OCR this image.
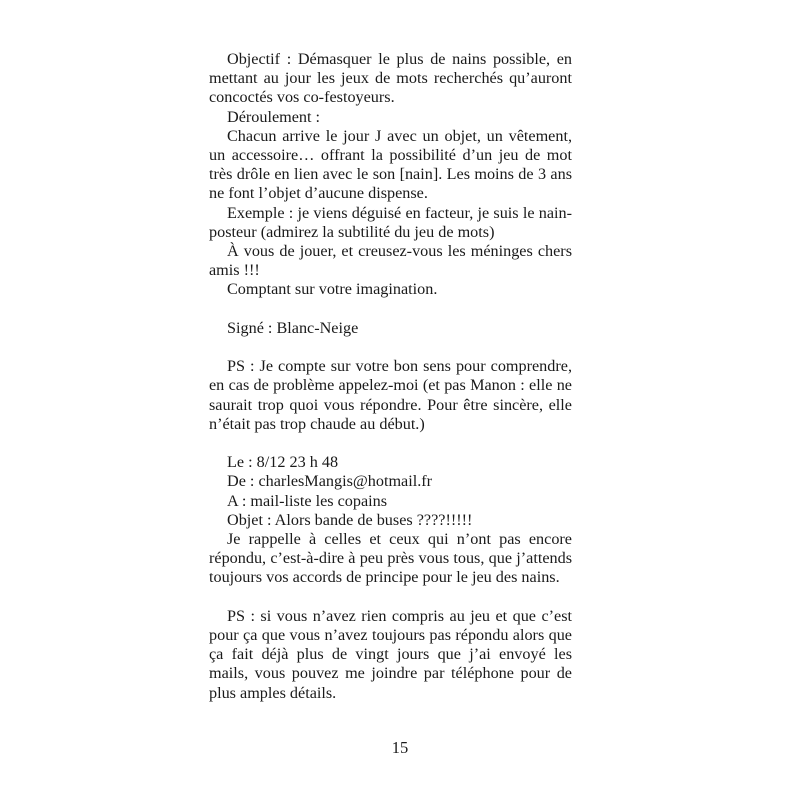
Objectif : Démasquer le plus de nains possible, en mettant au jour les jeux de mots recherchés qu’auront concoctés vos co-festoyeurs.

Déroulement :

Chacun arrive le jour J avec un objet, un vêtement, un accessoire… offrant la possibilité d’un jeu de mot très drôle en lien avec le son [nain]. Les moins de 3 ans ne font l’objet d’aucune dispense.

Exemple : je viens déguisé en facteur, je suis le nain-posteur (admirez la subtilité du jeu de mots)

À vous de jouer, et creusez-vous les méninges chers amis !!!

Comptant sur votre imagination.

Signé : Blanc-Neige

PS : Je compte sur votre bon sens pour comprendre, en cas de problème appelez-moi (et pas Manon : elle ne saurait trop quoi vous répondre. Pour être sincère, elle n’était pas trop chaude au début.)

Le : 8/12 23 h 48

De : charlesMangis@hotmail.fr

A : mail-liste les copains

Objet : Alors bande de buses ????!!!!!

Je rappelle à celles et ceux qui n’ont pas encore répondu, c’est-à-dire à peu près vous tous, que j’attends toujours vos accords de principe pour le jeu des nains.

PS : si vous n’avez rien compris au jeu et que c’est pour ça que vous n’avez toujours pas répondu alors que ça fait déjà plus de vingt jours que j’ai envoyé les mails, vous pouvez me joindre par téléphone pour de plus amples détails.

15
